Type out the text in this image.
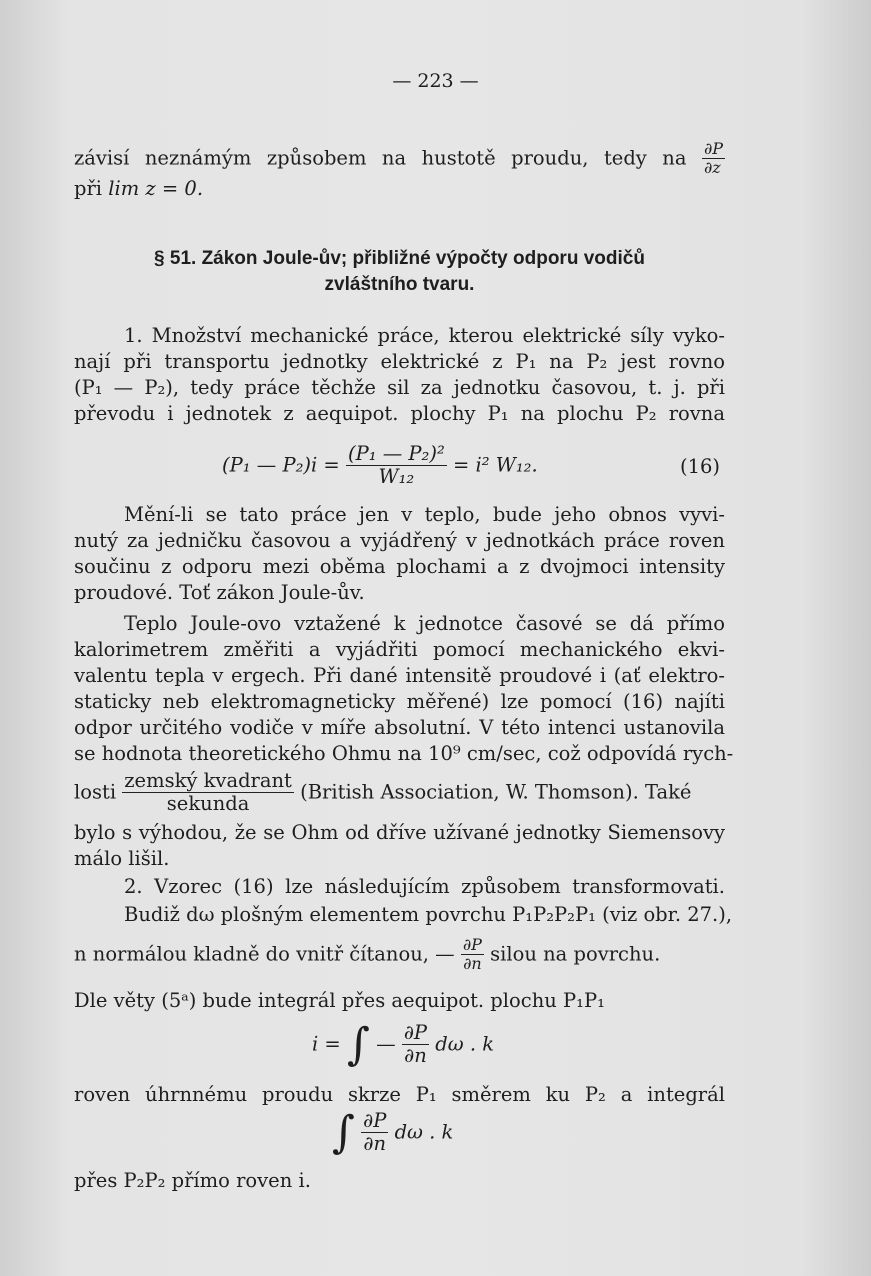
— 223 —
závisí neznámým způsobem na hustotě proudu, tedy na $\frac{\partial P}{\partial z}$
při lim z = 0.
§ 51. Zákon Joule-ův; přibližné výpočty odporu vodičů
zvláštního tvaru.
1. Množství mechanické práce, kterou elektrické síly vyko-
nají při transportu jednotky elektrické z P₁ na P₂ jest rovno
(P₁ — P₂), tedy práce těchže sil za jednotku časovou, t. j. při
převodu i jednotek z aequipot. plochy P₁ na plochu P₂ rovna
(P₁ — $P_2)i = \frac{\text{(P₁ — P₂)²}}{\text{W₁₂}} = i^2$ W₁₂.	(16)
Mění-li se tato práce jen v teplo, bude jeho obnos vyvi-
nutý za jedničku časovou a vyjádřený v jednotkách práce roven
součinu z odporu mezi oběma plochami a z dvojmoci intensity
proudové. Toť zákon Joule-ův.
Teplo Joule-ovo vztažené k jednotce časové se dá přímo
kalorimetrem změřiti a vyjádřiti pomocí mechanického ekvi-
valentu tepla v ergech. Při dané intensitě proudové i (ať elektro-
staticky neb elektromagneticky měřené) lze pomocí (16) najíti
odpor určitého vodiče v míře absolutní. V této intenci ustanovila
se hodnota theoretického Ohmu na 10⁹ cm/sec, což odpovídá rych-
losti $\frac{\text{zemský kvadrant}}{\text{sekunda}}$ (British Association, W. Thomson). Také
bylo s výhodou, že se Ohm od dříve užívané jednotky Siemensovy
málo lišil.
2. Vzorec (16) lze následujícím způsobem transformovati.
Budiž dω plošným elementem povrchu P₁P₂P₂P₁ (viz obr. 27.),
n normálou kladně do vnitř čítanou, — $\frac{\partial P}{\partial n}$ silou na povrchu.
Dle věty (5ᵃ) bude integrál přes aequipot. plochu P₁P₁
i = ∫ — $\frac{\partial P}{\partial n}$ dω . k
roven úhrnnému proudu skrze P₁ směrem ku P₂ a integrál
∫ $\frac{\partial P}{\partial n}$ dω . k
přes P₂P₂ přímo roven i.
